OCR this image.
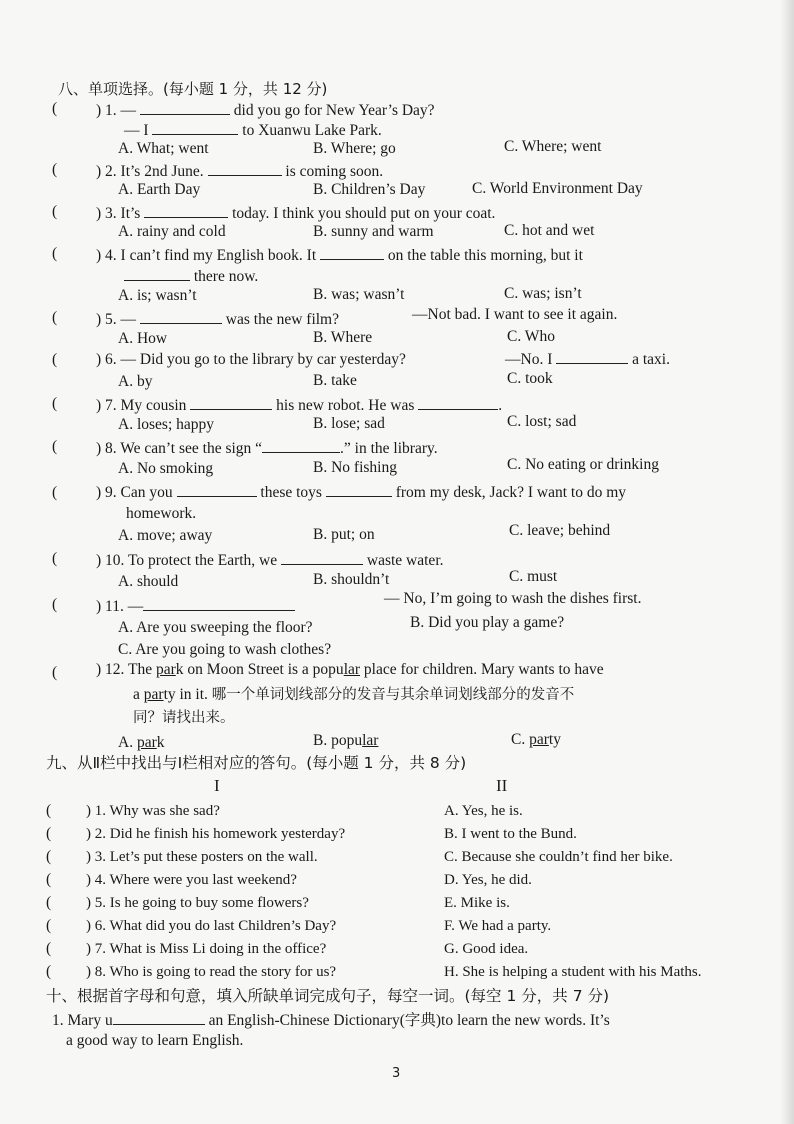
八、单项选择。(每小题 1 分，共 12 分)
(	) 1. —	did you go for New Year’s Day?
— I	to Xuanwu Lake Park.
A. What; went	B. Where; go	C. Where; went
(	) 2. It’s 2nd June.	is coming soon.
A. Earth Day	B. Children’s Day	C. World Environment Day
(	) 3. It’s	today. I think you should put on your coat.
A. rainy and cold	B. sunny and warm	C. hot and wet
(	) 4. I can’t find my English book. It	on the table this morning, but it
there now.
A. is; wasn’t	B. was; wasn’t	C. was; isn’t
(	) 5. —	was the new film?	—Not bad. I want to see it again.
A. How	B. Where	C. Who
(	) 6. — Did you go to the library by car yesterday?	—No. I	a taxi.
A. by	B. take	C. took
(	) 7. My cousin	his new robot. He was	.
A. loses; happy	B. lose; sad	C. lost; sad
(	) 8. We can’t see the sign “	.” in the library.
A. No smoking	B. No fishing	C. No eating or drinking
(	) 9. Can you	these toys	from my desk, Jack? I want to do my
homework.
A. move; away	B. put; on	C. leave; behind
(	) 10. To protect the Earth, we	waste water.
A. should	B. shouldn’t	C. must
(	) 11. —	— No, I’m going to wash the dishes first.
A. Are you sweeping the floor?	B. Did you play a game?
C. Are you going to wash clothes?
(	) 12. The park on Moon Street is a popular place for children. Mary wants to have
a party in it. 哪一个单词划线部分的发音与其余单词划线部分的发音不
同？请找出来。
A. park	B. popular	C. party
九、从Ⅱ栏中找出与Ⅰ栏相对应的答句。(每小题 1 分，共 8 分)
I	II
( ) 1. Why was she sad?	A. Yes, he is.
( ) 2. Did he finish his homework yesterday?	B. I went to the Bund.
( ) 3. Let’s put these posters on the wall.	C. Because she couldn’t find her bike.
( ) 4. Where were you last weekend?	D. Yes, he did.
( ) 5. Is he going to buy some flowers?	E. Mike is.
( ) 6. What did you do last Children’s Day?	F. We had a party.
( ) 7. What is Miss Li doing in the office?	G. Good idea.
( ) 8. Who is going to read the story for us?	H. She is helping a student with his Maths.
十、根据首字母和句意，填入所缺单词完成句子，每空一词。(每空 1 分，共 7 分)
1. Mary u	an English-Chinese Dictionary(字典)to learn the new words. It’s
a good way to learn English.
3
